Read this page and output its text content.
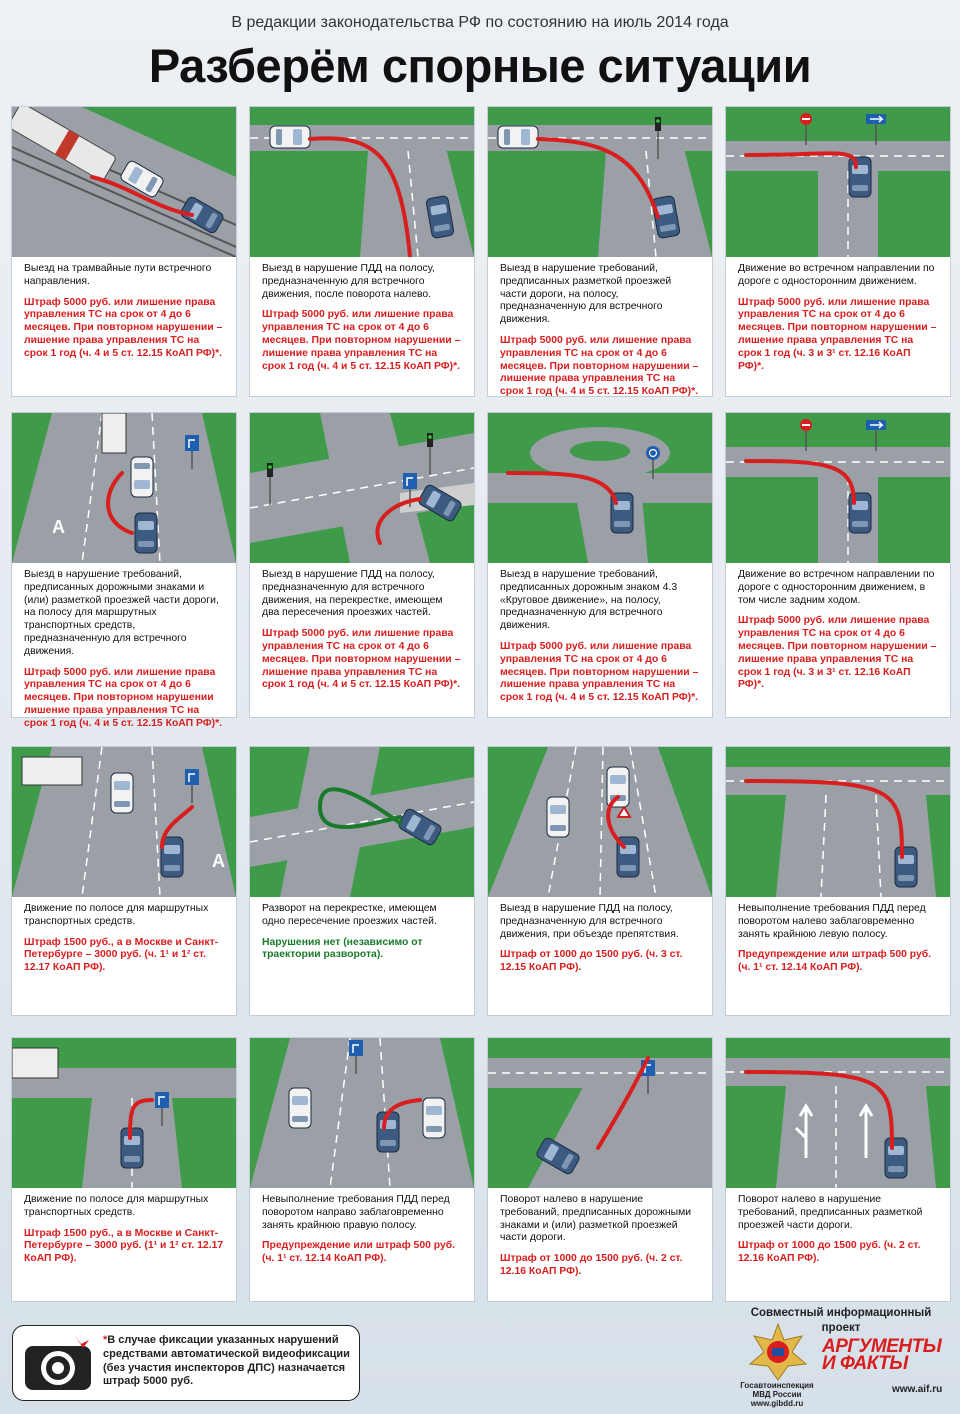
В редакции законодательства РФ по состоянию на июль 2014 года
Разберём спорные ситуации

Выезд на трамвайные пути встречного направления.

Штраф 5000 руб. или лишение права управления ТС на срок от 4 до 6 месяцев. При повторном нарушении – лишение права управления ТС на срок 1 год (ч. 4 и 5 ст. 12.15 КоАП РФ)*.

Выезд в нарушение ПДД на полосу, предназначенную для встречного движения, после поворота налево.

Штраф 5000 руб. или лишение права управления ТС на срок от 4 до 6 месяцев. При повторном нарушении – лишение права управления ТС на срок 1 год (ч. 4 и 5 ст. 12.15 КоАП РФ)*.

Выезд в нарушение требований, предписанных разметкой проезжей части дороги, на полосу, предназначенную для встречного движения.

Штраф 5000 руб. или лишение права управления ТС на срок от 4 до 6 месяцев. При повторном нарушении – лишение права управления ТС на срок 1 год (ч. 4 и 5 ст. 12.15 КоАП РФ)*.

Движение во встречном направлении по дороге с односторонним движением.

Штраф 5000 руб. или лишение права управления ТС на срок от 4 до 6 месяцев. При повторном нарушении – лишение права управления ТС на срок 1 год (ч. 3 и 3¹ ст. 12.16 КоАП РФ)*.

A

Выезд в нарушение требований, предписанных дорожными знаками и (или) разметкой проезжей части дороги, на полосу для маршрутных транспортных средств, предназначенную для встречного движения.

Штраф 5000 руб. или лишение права управления ТС на срок от 4 до 6 месяцев. При повторном нарушении лишение права управления ТС на срок 1 год (ч. 4 и 5 ст. 12.15 КоАП РФ)*.

Выезд в нарушение ПДД на полосу, предназначенную для встречного движения, на перекрестке, имеющем два пересечения проезжих частей.

Штраф 5000 руб. или лишение права управления ТС на срок от 4 до 6 месяцев. При повторном нарушении – лишение права управления ТС на срок 1 год (ч. 4 и 5 ст. 12.15 КоАП РФ)*.

Выезд в нарушение требований, предписанных дорожным знаком 4.3 «Круговое движение», на полосу, предназначенную для встречного движения.

Штраф 5000 руб. или лишение права управления ТС на срок от 4 до 6 месяцев. При повторном нарушении – лишение права управления ТС на срок 1 год (ч. 4 и 5 ст. 12.15 КоАП РФ)*.

Движение во встречном направлении по дороге с односторонним движением, в том числе задним ходом.

Штраф 5000 руб. или лишение права управления ТС на срок от 4 до 6 месяцев. При повторном нарушении – лишение права управления ТС на срок 1 год (ч. 3 и 3¹ ст. 12.16 КоАП РФ)*.

A

Движение по полосе для маршрутных транспортных средств.

Штраф 1500 руб., а в Москве и Санкт-Петербурге – 3000 руб. (ч. 1¹ и 1² ст. 12.17 КоАП РФ).

Разворот на перекрестке, имеющем одно пересечение проезжих частей.

Нарушения нет (независимо от траектории разворота).

Выезд в нарушение ПДД на полосу, предназначенную для встречного движения, при объезде препятствия.

Штраф от 1000 до 1500 руб. (ч. 3 ст. 12.15 КоАП РФ).

Невыполнение требования ПДД перед поворотом налево заблаговременно занять крайнюю левую полосу.

Предупреждение или штраф 500 руб. (ч. 1¹ ст. 12.14 КоАП РФ).

Движение по полосе для маршрутных транспортных средств.

Штраф 1500 руб., а в Москве и Санкт-Петербурге – 3000 руб. (1¹ и 1² ст. 12.17 КоАП РФ).

Невыполнение требования ПДД перед поворотом направо заблаговременно занять крайнюю правую полосу.

Предупреждение или штраф 500 руб. (ч. 1¹ ст. 12.14 КоАП РФ).

Поворот налево в нарушение требований, предписанных дорожными знаками и (или) разметкой проезжей части дороги.

Штраф от 1000 до 1500 руб. (ч. 2 ст. 12.16 КоАП РФ).

Поворот налево в нарушение требований, предписанных разметкой проезжей части дороги.

Штраф от 1000 до 1500 руб. (ч. 2 ст. 12.16 КоАП РФ).

*В случае фиксации указанных нарушений средствами автоматической видеофиксации (без участия инспекторов ДПС) назначается штраф 5000 руб.
Совместный информационный проект
АРГУМЕНТЫ
И ФАКТЫ
www.aif.ru
Госавтоинспекция МВД России www.gibdd.ru
